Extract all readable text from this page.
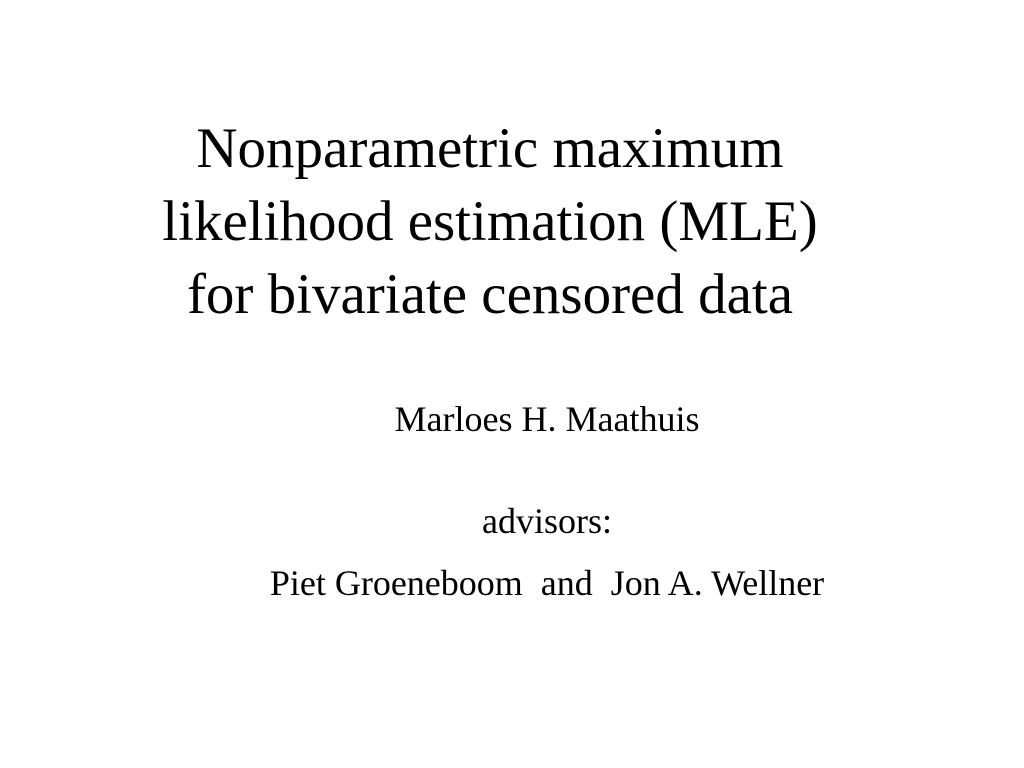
Nonparametric maximum
likelihood estimation (MLE)
for bivariate censored data
Marloes H. Maathuis
advisors:
Piet Groeneboom  and  Jon A. Wellner
